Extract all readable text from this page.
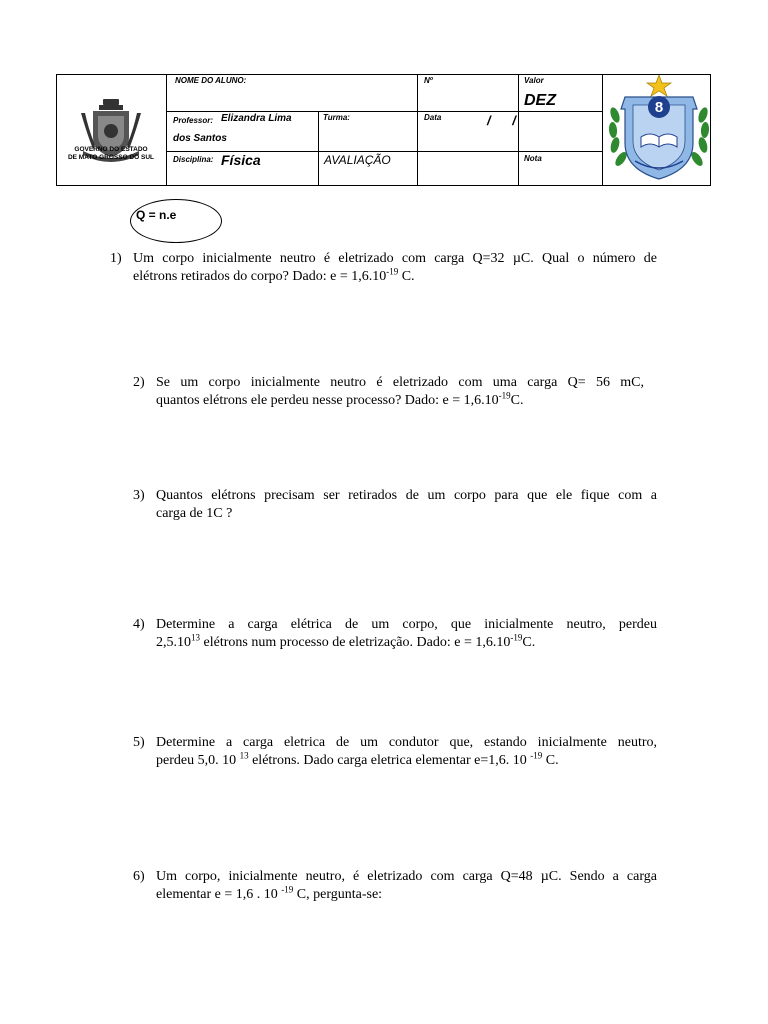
GOVERNO DO ESTADO
DE MATO GROSSO DO SUL
NOME DO ALUNO:	Nº	Valor
DEZ
Professor: Elizandra Lima
dos Santos
Turma:	Data	/      /
Disciplina: Física	AVALIAÇÃO	Nota
8
Q = n.e
1) Um corpo inicialmente neutro é eletrizado com carga Q=32 µC. Qual o número de
elétrons retirados do corpo? Dado: $e = 1,6.10^{-19}$ C.
2) Se um corpo inicialmente neutro é eletrizado com uma carga Q= 56 mC,
quantos elétrons ele perdeu nesse processo? Dado: $e = 1,6.10^{-19}C$.
3) Quantos elétrons precisam ser retirados de um corpo para que ele fique com a
carga de 1C ?
4) Determine a carga elétrica de um corpo, que inicialmente neutro, perdeu
2,5.10$^{13}$ elétrons num processo de eletrização. Dado: $e = 1,6.10^{-19}C$.
5) Determine a carga eletrica de um condutor que, estando inicialmente neutro,
perdeu 5,0. 10 $^{13}$ elétrons. Dado carga eletrica elementar e=1,6. 10 $^{-19}$ C.
6) Um corpo, inicialmente neutro, é eletrizado com carga Q=48 µC. Sendo a carga
elementar e = 1,6 . 10 $^{-19}$ C, pergunta-se:
